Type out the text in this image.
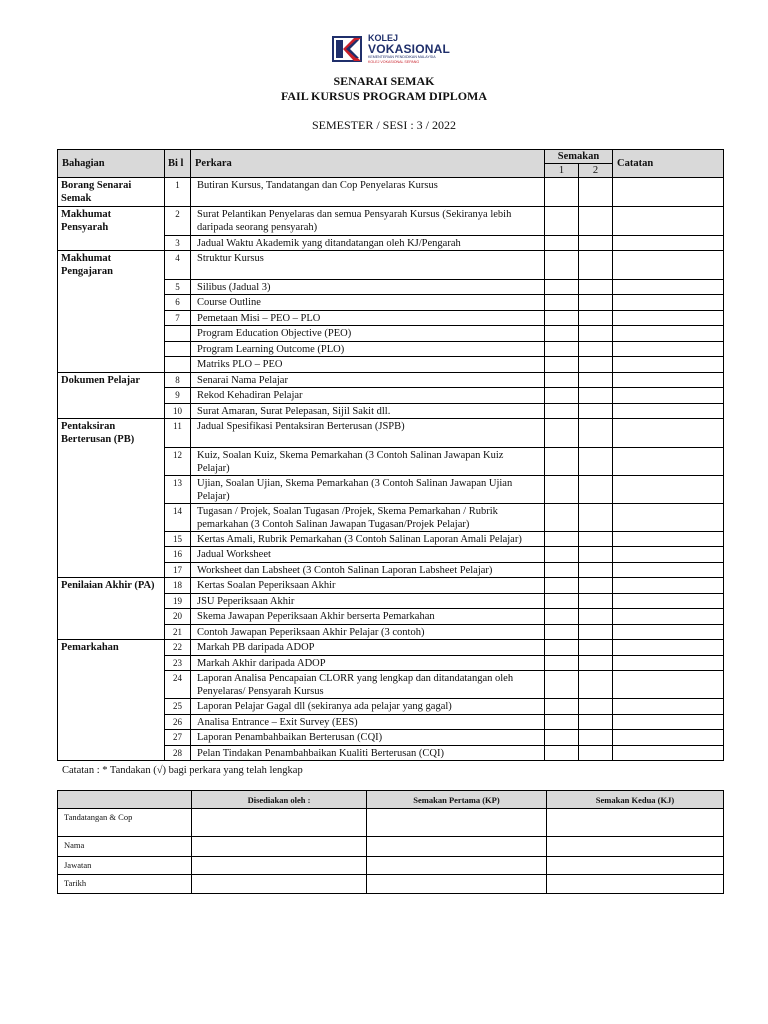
KOLEJ
VOKASIONAL
KEMENTERIAN PENDIDIKAN MALAYSIA
KOLEJ VOKASIONAL SEPANG
SENARAI SEMAK
FAIL KURSUS PROGRAM DIPLOMA
SEMESTER / SESI : 3 / 2022
Bahagian	Bi l	Perkara	Semakan		Catatan
			1	2	
Borang Senarai Semak	1	Butiran Kursus, Tandatangan dan Cop Penyelaras Kursus			
Makhumat Pensyarah	2	Surat Pelantikan Penyelaras dan semua Pensyarah Kursus (Sekiranya lebih daripada seorang pensyarah)			
	3	Jadual Waktu Akademik yang ditandatangan oleh KJ/Pengarah			
Makhumat Pengajaran	4	Struktur Kursus			
	5	Silibus (Jadual 3)			
	6	Course Outline			
	7	Pemetaan Misi – PEO – PLO			
		Program Education Objective (PEO)			
		Program Learning Outcome (PLO)			
		Matriks PLO – PEO			
Dokumen Pelajar	8	Senarai Nama Pelajar			
	9	Rekod Kehadiran Pelajar			
	10	Surat Amaran, Surat Pelepasan, Sijil Sakit dll.			
Pentaksiran Berterusan (PB)	11	Jadual Spesifikasi Pentaksiran Berterusan (JSPB)			
	12	Kuiz, Soalan Kuiz, Skema Pemarkahan (3 Contoh Salinan Jawapan Kuiz Pelajar)			
	13	Ujian, Soalan Ujian, Skema Pemarkahan (3 Contoh Salinan Jawapan Ujian Pelajar)			
	14	Tugasan / Projek, Soalan Tugasan /Projek, Skema Pemarkahan / Rubrik pemarkahan (3 Contoh Salinan Jawapan Tugasan/Projek Pelajar)			
	15	Kertas Amali, Rubrik Pemarkahan (3 Contoh Salinan Laporan Amali Pelajar)			
	16	Jadual Worksheet			
	17	Worksheet dan Labsheet (3 Contoh Salinan Laporan Labsheet Pelajar)			
Penilaian Akhir (PA)	18	Kertas Soalan Peperiksaan Akhir			
	19	JSU Peperiksaan Akhir			
	20	Skema Jawapan Peperiksaan Akhir berserta Pemarkahan			
	21	Contoh Jawapan Peperiksaan Akhir Pelajar (3 contoh)			
Pemarkahan	22	Markah PB daripada ADOP			
	23	Markah Akhir daripada ADOP			
	24	Laporan Analisa Pencapaian CLORR yang lengkap dan ditandatangan oleh Penyelaras/ Pensyarah Kursus			
	25	Laporan Pelajar Gagal dll (sekiranya ada pelajar yang gagal)			
	26	Analisa Entrance – Exit Survey (EES)			
	27	Laporan Penambahbaikan Berterusan (CQI)			
	28	Pelan Tindakan Penambahbaikan Kualiti Berterusan (CQI)			
Catatan : * Tandakan (√) bagi perkara yang telah lengkap
	Disediakan oleh :	Semakan Pertama (KP)	Semakan Kedua (KJ)
Tandatangan & Cop			
Nama			
Jawatan			
Tarikh			
